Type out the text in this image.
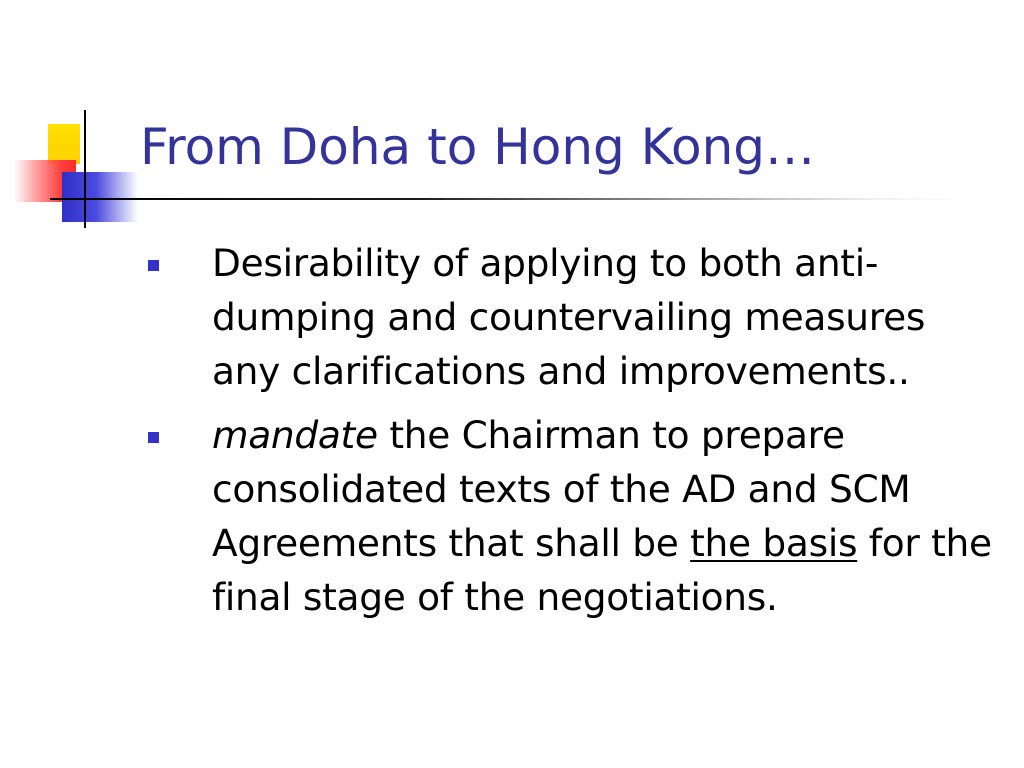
From Doha to Hong Kong…
Desirability of applying to both anti-dumping and countervailing measures any clarifications and improvements..
mandate the Chairman to prepare consolidated texts of the AD and SCM Agreements that shall be the basis for the final stage of the negotiations.
